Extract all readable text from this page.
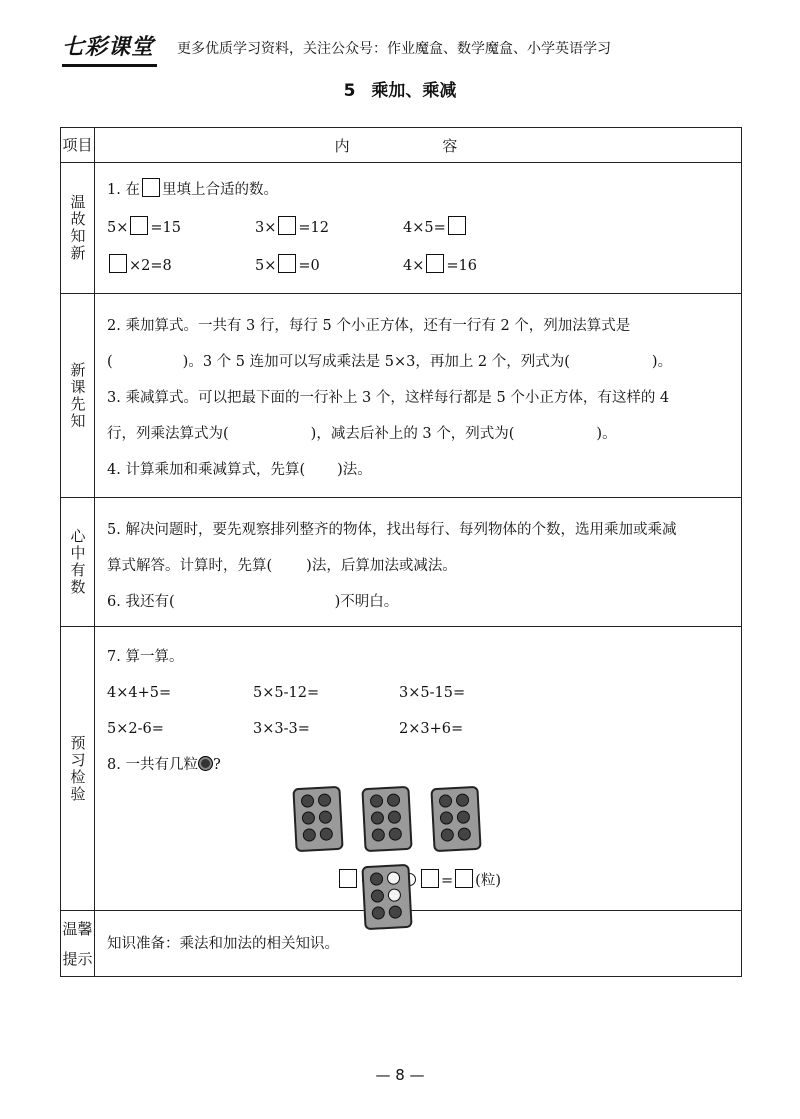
七彩课堂 更多优质学习资料，关注公众号：作业魔盒、数学魔盒、小学英语学习
5 乘加、乘减
项目	内 容
温故知新	1. 在 里填上合适的数。
5× =15 3× =12 4×5=
×2=8 5× =0 4× =16

新课先知	2. 乘加算式。一共有 3 行，每行 5 个小正方体，还有一行有 2 个，列加法算式是
( )。3 个 5 连加可以写成乘法是 5×3，再加上 2 个，列式为( )。
3. 乘减算式。可以把最下面的一行补上 3 个，这样每行都是 5 个小正方体，有这样的 4
行，列乘法算式为( )，减去后补上的 3 个，列式为( )。
4. 计算乘加和乘减算式，先算( )法。

心中有数	5. 解决问题时，要先观察排列整齐的物体，找出每行、每列物体的个数，选用乘加或乘减
算式解答。计算时，先算( )法，后算加法或减法。
6. 我还有( )不明白。

预习检验	7. 算一算。
4×4+5= 5×5-12= 3×5-15=
5×2-6= 3×3-3= 2×3+6=
8. 一共有几粒 ?

= (粒)

温馨
提示	知识准备：乘法和加法的相关知识。
— 8 —
